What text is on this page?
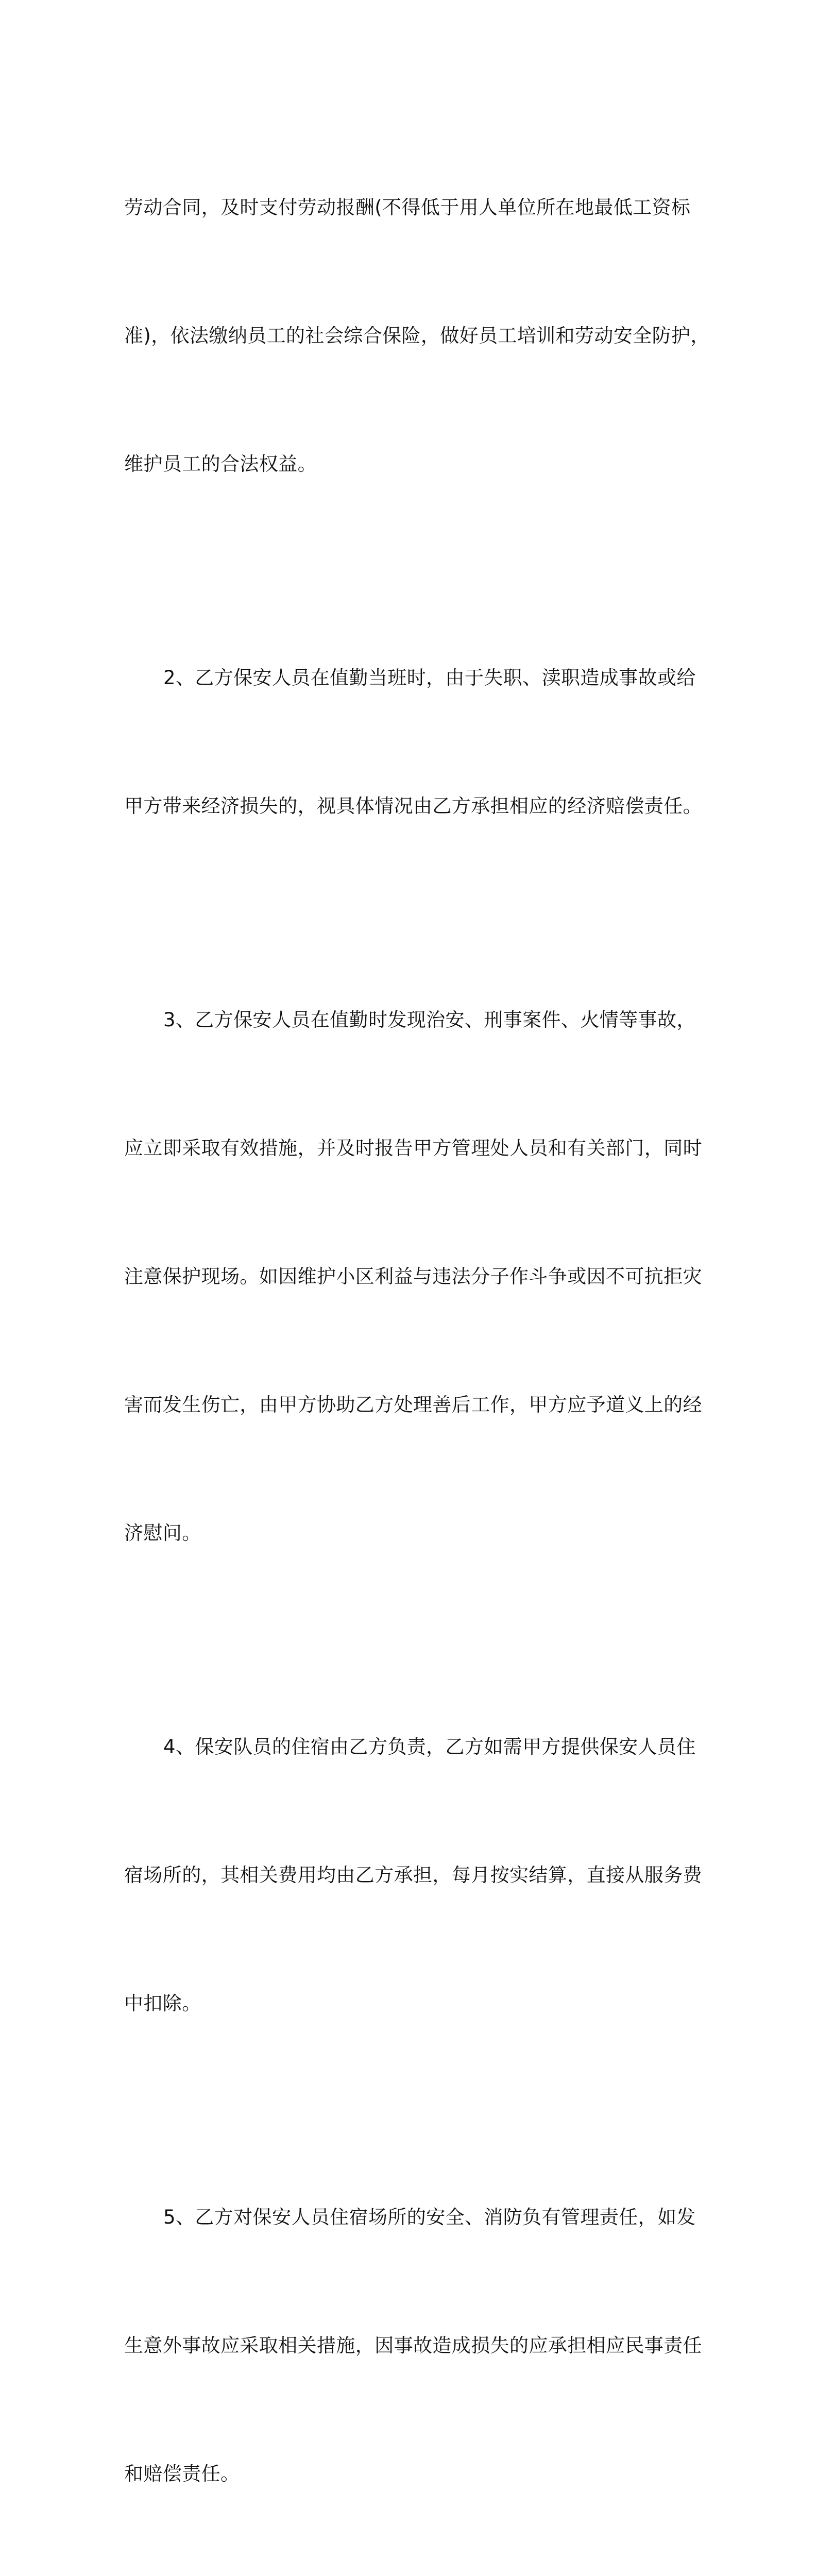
劳动合同，及时支付劳动报酬(不得低于用人单位所在地最低工资标

准)，依法缴纳员工的社会综合保险，做好员工培训和劳动安全防护，

维护员工的合法权益。

2、乙方保安人员在值勤当班时，由于失职、渎职造成事故或给

甲方带来经济损失的，视具体情况由乙方承担相应的经济赔偿责任。

3、乙方保安人员在值勤时发现治安、刑事案件、火情等事故，

应立即采取有效措施，并及时报告甲方管理处人员和有关部门，同时

注意保护现场。如因维护小区利益与违法分子作斗争或因不可抗拒灾

害而发生伤亡，由甲方协助乙方处理善后工作，甲方应予道义上的经

济慰问。

4、保安队员的住宿由乙方负责，乙方如需甲方提供保安人员住

宿场所的，其相关费用均由乙方承担，每月按实结算，直接从服务费

中扣除。

5、乙方对保安人员住宿场所的安全、消防负有管理责任，如发

生意外事故应采取相关措施，因事故造成损失的应承担相应民事责任

和赔偿责任。
